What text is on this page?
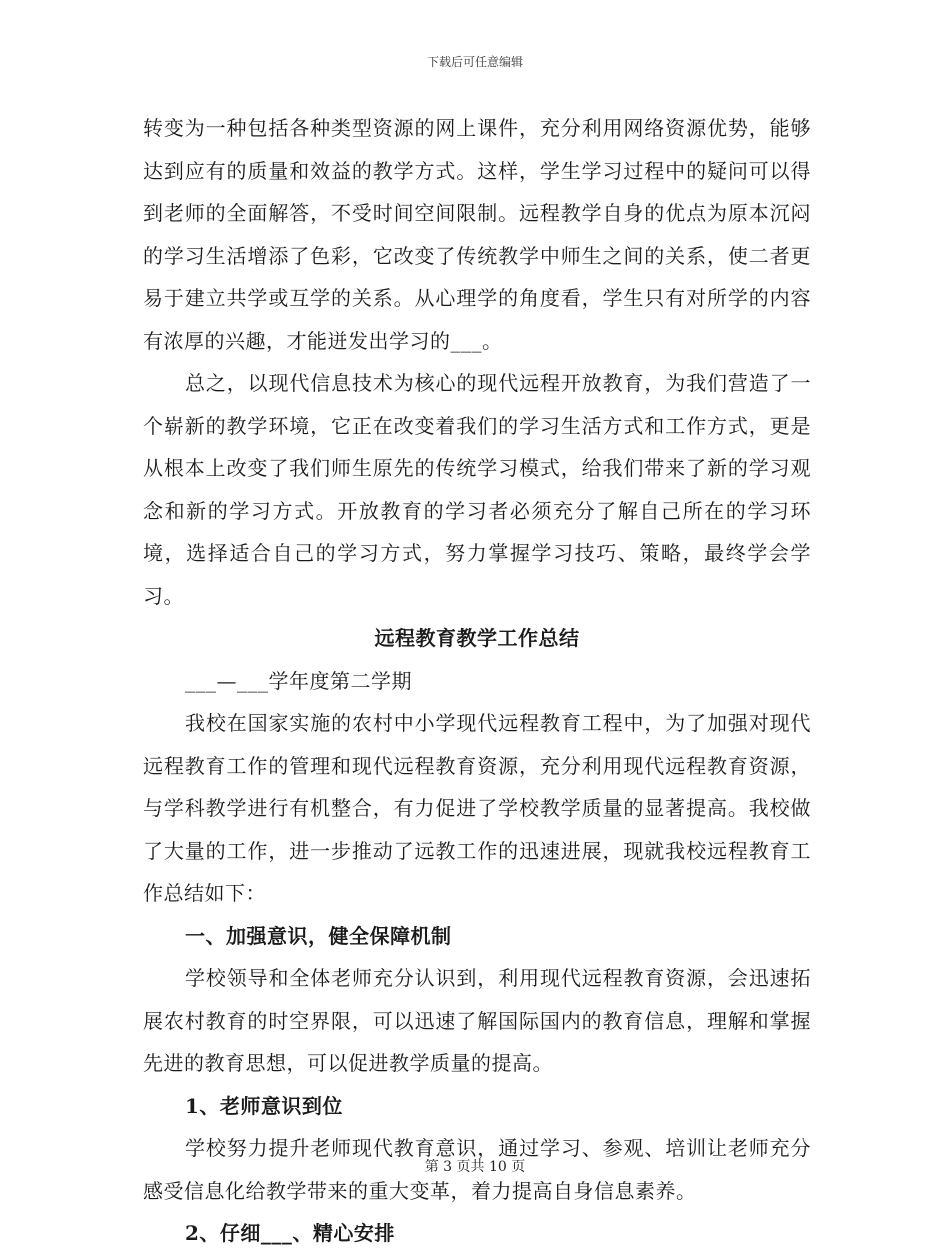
下载后可任意编辑

转变为一种包括各种类型资源的网上课件，充分利用网络资源优势，能够达到应有的质量和效益的教学方式。这样，学生学习过程中的疑问可以得到老师的全面解答，不受时间空间限制。远程教学自身的优点为原本沉闷的学习生活增添了色彩，它改变了传统教学中师生之间的关系，使二者更易于建立共学或互学的关系。从心理学的角度看，学生只有对所学的内容有浓厚的兴趣，才能迸发出学习的___。

总之，以现代信息技术为核心的现代远程开放教育，为我们营造了一个崭新的教学环境，它正在改变着我们的学习生活方式和工作方式，更是从根本上改变了我们师生原先的传统学习模式，给我们带来了新的学习观念和新的学习方式。开放教育的学习者必须充分了解自己所在的学习环境，选择适合自己的学习方式，努力掌握学习技巧、策略，最终学会学习。

远程教育教学工作总结

___—___学年度第二学期

我校在国家实施的农村中小学现代远程教育工程中，为了加强对现代远程教育工作的管理和现代远程教育资源，充分利用现代远程教育资源，与学科教学进行有机整合，有力促进了学校教学质量的显著提高。我校做了大量的工作，进一步推动了远教工作的迅速进展，现就我校远程教育工作总结如下：

一、加强意识，健全保障机制

学校领导和全体老师充分认识到，利用现代远程教育资源，会迅速拓展农村教育的时空界限，可以迅速了解国际国内的教育信息，理解和掌握先进的教育思想，可以促进教学质量的提高。

1、老师意识到位

学校努力提升老师现代教育意识，通过学习、参观、培训让老师充分感受信息化给教学带来的重大变革，着力提高自身信息素养。

2、仔细___、精心安排

第 3 页共 10 页
